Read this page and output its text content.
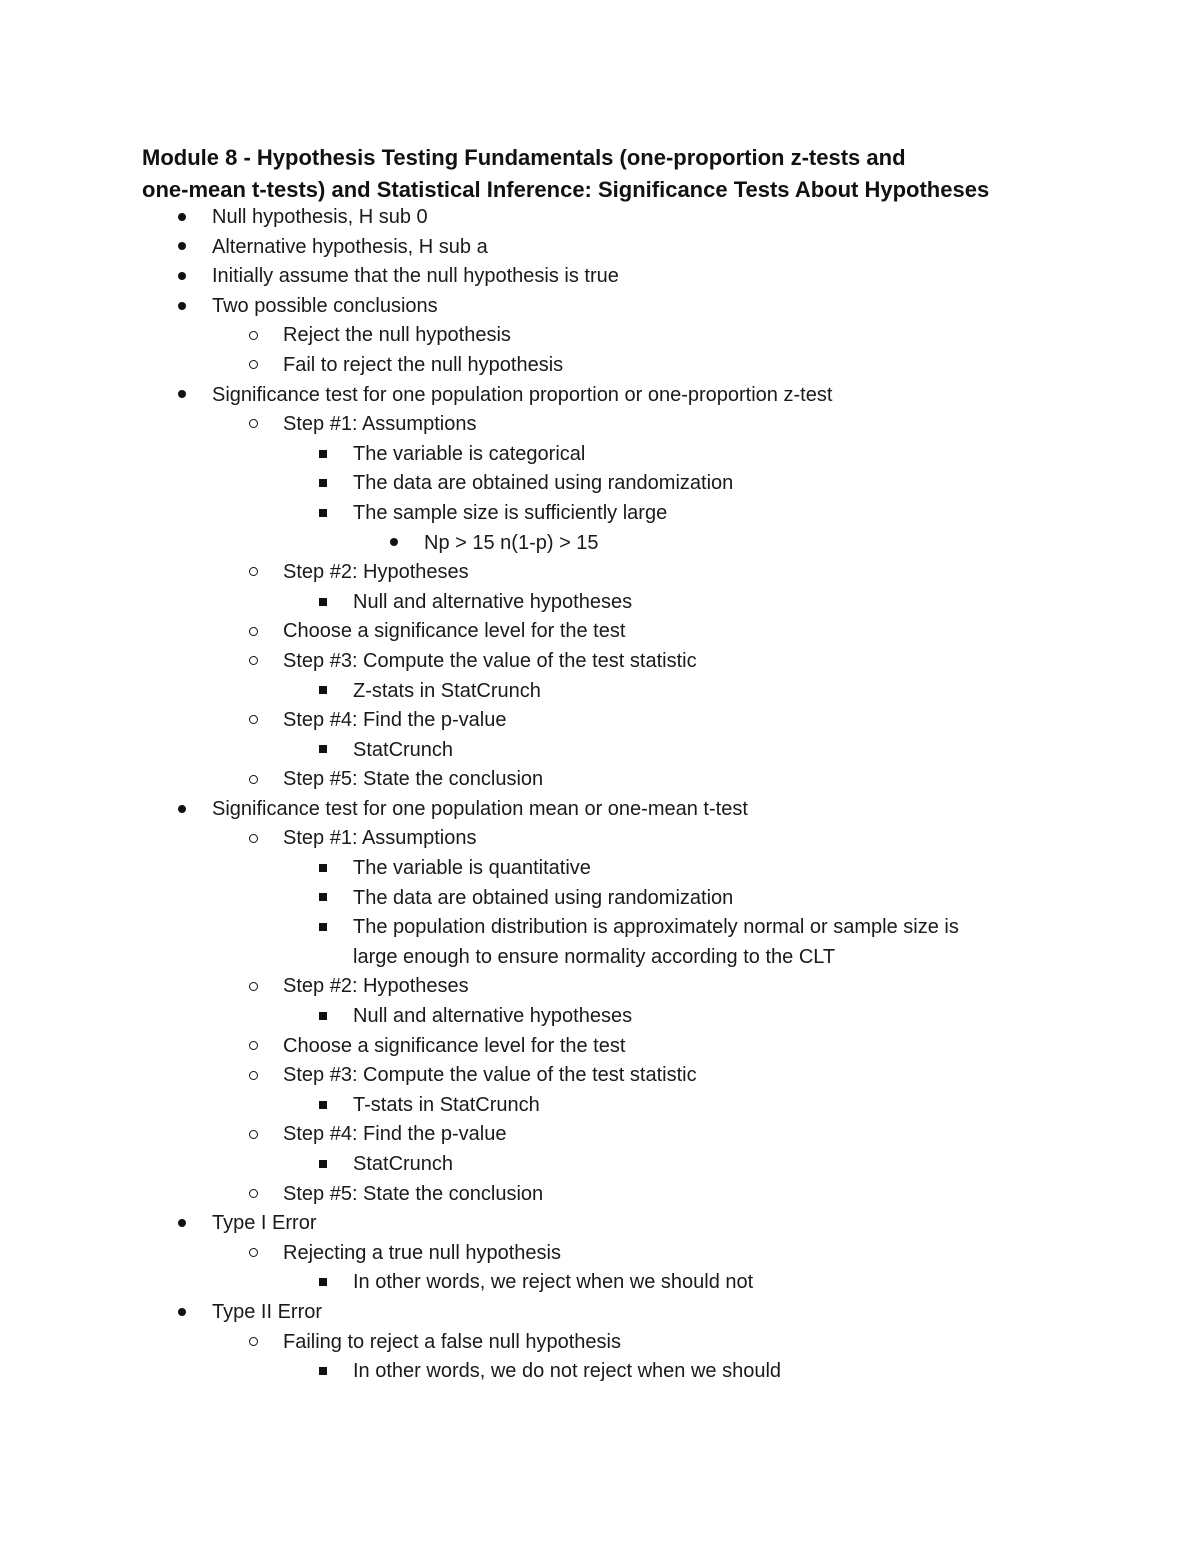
Module 8 - Hypothesis Testing Fundamentals (one-proportion z-tests and
one-mean t-tests) and Statistical Inference: Significance Tests About Hypotheses
Null hypothesis, H sub 0
Alternative hypothesis, H sub a
Initially assume that the null hypothesis is true
Two possible conclusions
Reject the null hypothesis
Fail to reject the null hypothesis
Significance test for one population proportion or one-proportion z-test
Step #1: Assumptions
The variable is categorical
The data are obtained using randomization
The sample size is sufficiently large
Np > 15 n(1-p) > 15
Step #2: Hypotheses
Null and alternative hypotheses
Choose a significance level for the test
Step #3: Compute the value of the test statistic
Z-stats in StatCrunch
Step #4: Find the p-value
StatCrunch
Step #5: State the conclusion
Significance test for one population mean or one-mean t-test
Step #1: Assumptions
The variable is quantitative
The data are obtained using randomization
The population distribution is approximately normal or sample size is
large enough to ensure normality according to the CLT
Step #2: Hypotheses
Null and alternative hypotheses
Choose a significance level for the test
Step #3: Compute the value of the test statistic
T-stats in StatCrunch
Step #4: Find the p-value
StatCrunch
Step #5: State the conclusion
Type I Error
Rejecting a true null hypothesis
In other words, we reject when we should not
Type II Error
Failing to reject a false null hypothesis
In other words, we do not reject when we should
